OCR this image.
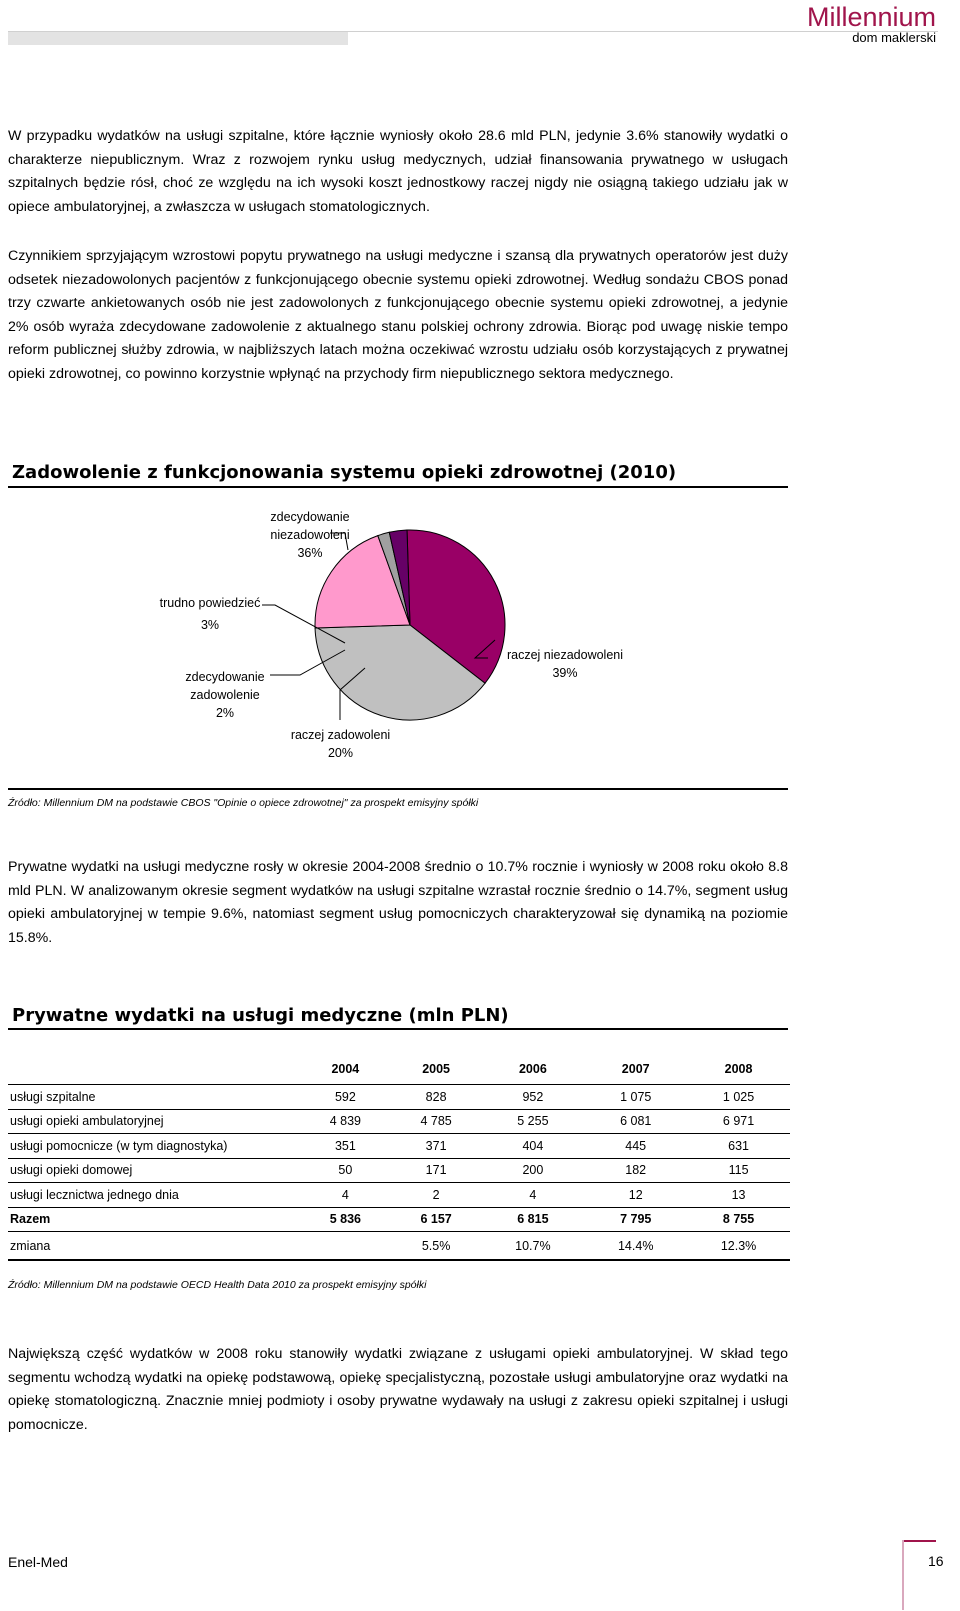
Millennium
dom maklerski

W przypadku wydatków na usługi szpitalne, które łącznie wyniosły około 28.6 mld PLN, jedynie 3.6% stanowiły wydatki o charakterze niepublicznym. Wraz z rozwojem rynku usług medycznych, udział finansowania prywatnego w usługach szpitalnych będzie rósł, choć ze względu na ich wysoki koszt jednostkowy raczej nigdy nie osiągną takiego udziału jak w opiece ambulatoryjnej, a zwłaszcza w usługach stomatologicznych.

Czynnikiem sprzyjającym wzrostowi popytu prywatnego na usługi medyczne i szansą dla prywatnych operatorów jest duży odsetek niezadowolonych pacjentów z funkcjonującego obecnie systemu opieki zdrowotnej. Według sondażu CBOS ponad trzy czwarte ankietowanych osób nie jest zadowolonych z funkcjonującego obecnie systemu opieki zdrowotnej, a jedynie 2% osób wyraża zdecydowane zadowolenie z aktualnego stanu polskiej ochrony zdrowia. Biorąc pod uwagę niskie tempo reform publicznej służby zdrowia, w najbliższych latach można oczekiwać wzrostu udziału osób korzystających z prywatnej opieki zdrowotnej, co powinno korzystnie wpłynąć na przychody firm niepublicznego sektora medycznego.

Zadowolenie z funkcjonowania systemu opieki zdrowotnej (2010)
zdecydowanie
niezadowoleni
36%
trudno powiedzieć
3%
zdecydowanie
zadowolenie
2%
raczej zadowoleni
20%
raczej niezadowoleni
39%
Źródło: Millennium DM na podstawie CBOS "Opinie o opiece zdrowotnej" za prospekt emisyjny spółki

Prywatne wydatki na usługi medyczne rosły w okresie 2004-2008 średnio o 10.7% rocznie i wyniosły w 2008 roku około 8.8 mld PLN. W analizowanym okresie segment wydatków na usługi szpitalne wzrastał rocznie średnio o 14.7%, segment usług opieki ambulatoryjnej w tempie 9.6%, natomiast segment usług pomocniczych charakteryzował się dynamiką na poziomie 15.8%.

Prywatne wydatki na usługi medyczne (mln PLN)
	2004	2005	2006	2007	2008
usługi szpitalne	592	828	952	1 075	1 025
usługi opieki ambulatoryjnej	4 839	4 785	5 255	6 081	6 971
usługi pomocnicze (w tym diagnostyka)	351	371	404	445	631
usługi opieki domowej	50	171	200	182	115
usługi lecznictwa jednego dnia	4	2	4	12	13
Razem	5 836	6 157	6 815	7 795	8 755
zmiana		5.5%	10.7%	14.4%	12.3%
Źródło: Millennium DM na podstawie OECD Health Data 2010 za prospekt emisyjny spółki

Największą część wydatków w 2008 roku stanowiły wydatki związane z usługami opieki ambulatoryjnej. W skład tego segmentu wchodzą wydatki na opiekę podstawową, opiekę specjalistyczną, pozostałe usługi ambulatoryjne oraz wydatki na opiekę stomatologiczną. Znacznie mniej podmioty i osoby prywatne wydawały na usługi z zakresu opieki szpitalnej i usługi pomocnicze.

Enel-Med	16
